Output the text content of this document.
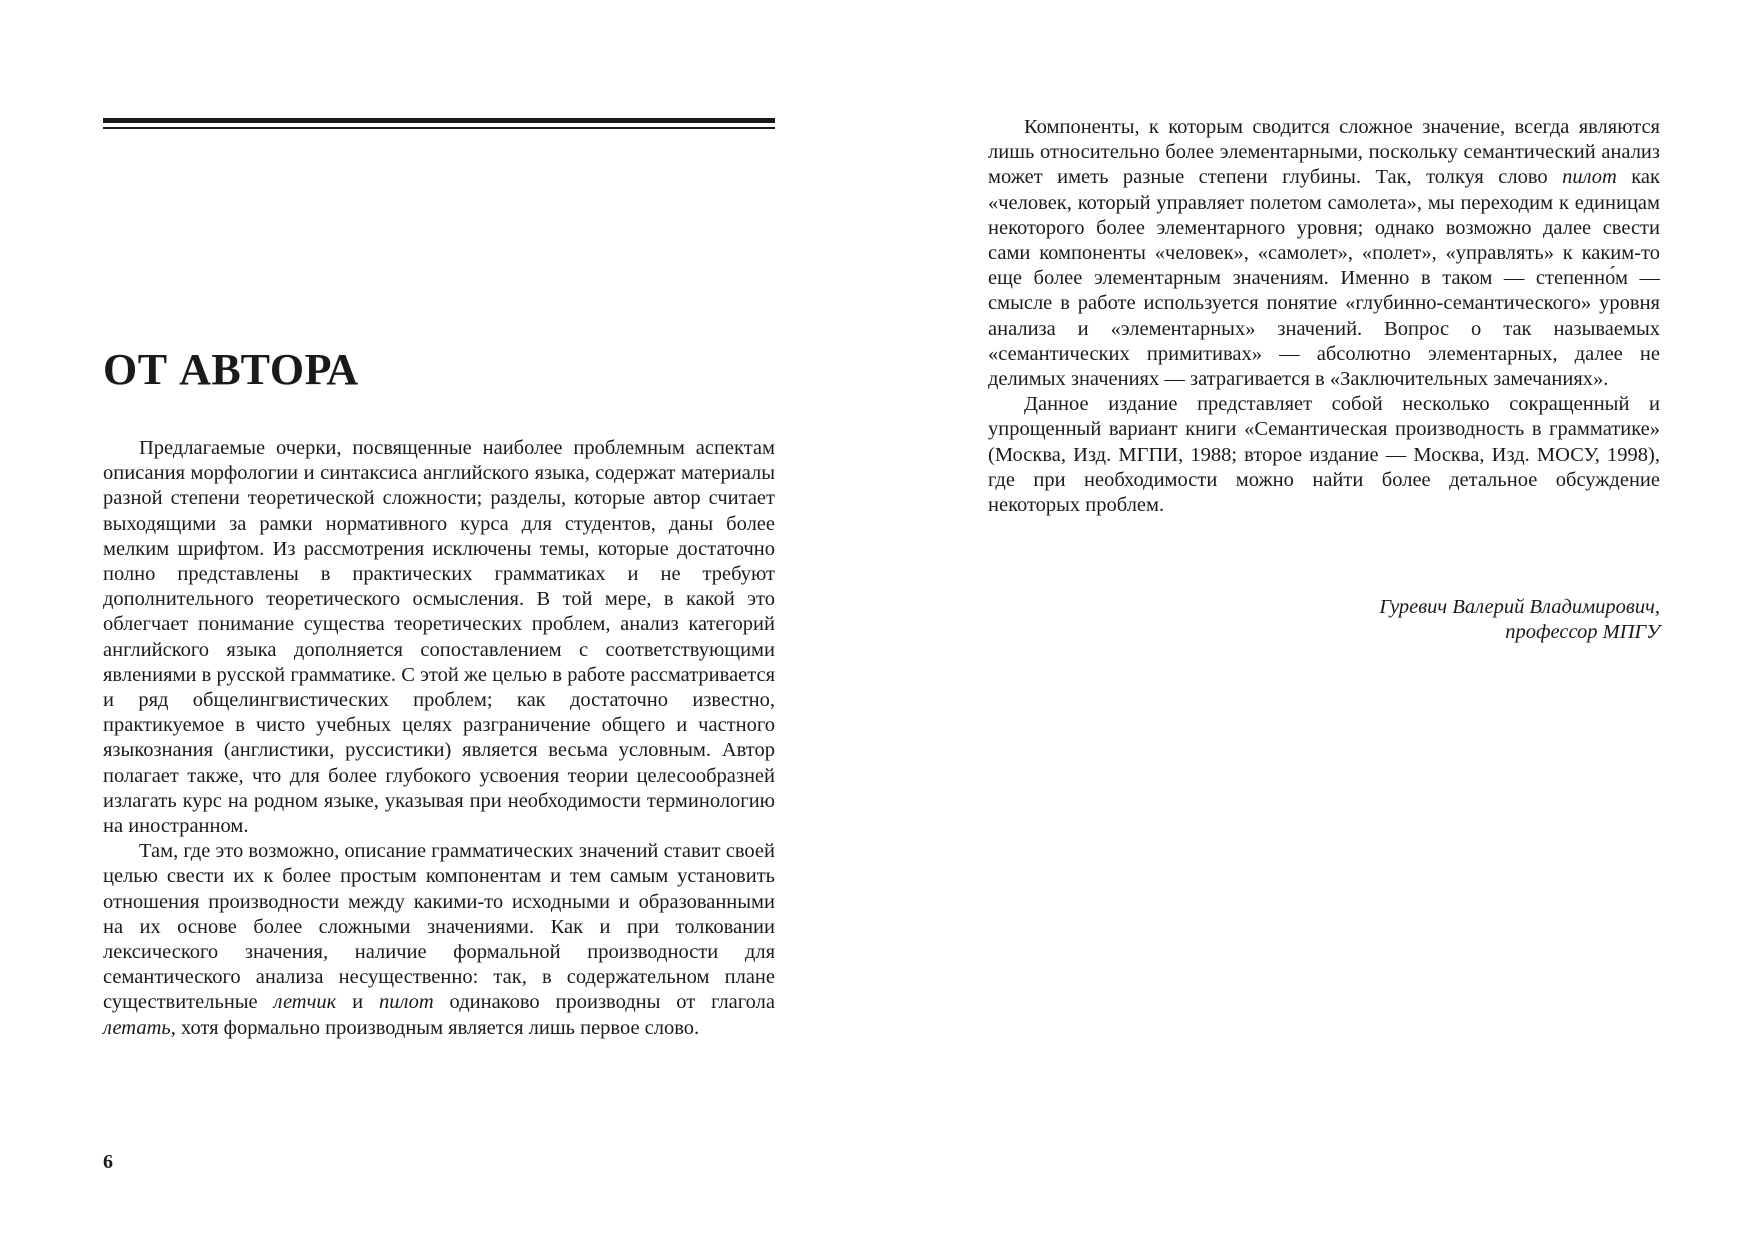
ОТ АВТОРА

Предлагаемые очерки, посвященные наиболее проблемным аспектам описания морфологии и синтаксиса английского языка, содержат материалы разной степени теоретической сложности; разделы, которые автор считает выходящими за рамки нормативного курса для студентов, даны более мелким шрифтом. Из рассмотрения исключены темы, которые достаточно полно представлены в практических грамматиках и не требуют дополнительного теоретического осмысления. В той мере, в какой это облегчает понимание существа теоретических проблем, анализ категорий английского языка дополняется сопоставлением с соответствующими явлениями в русской грамматике. С этой же целью в работе рассматривается и ряд общелингвистических проблем; как достаточно известно, практикуемое в чисто учебных целях разграничение общего и частного языкознания (англистики, руссистики) является весьма условным. Автор полагает также, что для более глубокого усвоения теории целесообразней излагать курс на родном языке, указывая при необходимости терминологию на иностранном.

Там, где это возможно, описание грамматических значений ставит своей целью свести их к более простым компонентам и тем самым установить отношения производности между какими-то исходными и образованными на их основе более сложными значениями. Как и при толковании лексического значения, наличие формальной производности для семантического анализа несущественно: так, в содержательном плане существительные летчик и пилот одинаково производны от глагола летать, хотя формально производным является лишь первое слово.

Компоненты, к которым сводится сложное значение, всегда являются лишь относительно более элементарными, поскольку семантический анализ может иметь разные степени глубины. Так, толкуя слово пилот как «человек, который управляет полетом самолета», мы переходим к единицам некоторого более элементарного уровня; однако возможно далее свести сами компоненты «человек», «самолет», «полет», «управлять» к каким-то еще более элементарным значениям. Именно в таком — степенно́м — смысле в работе используется понятие «глубинно-семантического» уровня анализа и «элементарных» значений. Вопрос о так называемых «семантических примитивах» — абсолютно элементарных, далее не делимых значениях — затрагивается в «Заключительных замечаниях».

Данное издание представляет собой несколько сокращенный и упрощенный вариант книги «Семантическая производность в грамматике» (Москва, Изд. МГПИ, 1988; второе издание — Москва, Изд. МОСУ, 1998), где при необходимости можно найти более детальное обсуждение некоторых проблем.

Гуревич Валерий Владимирович,
профессор МПГУ
6
